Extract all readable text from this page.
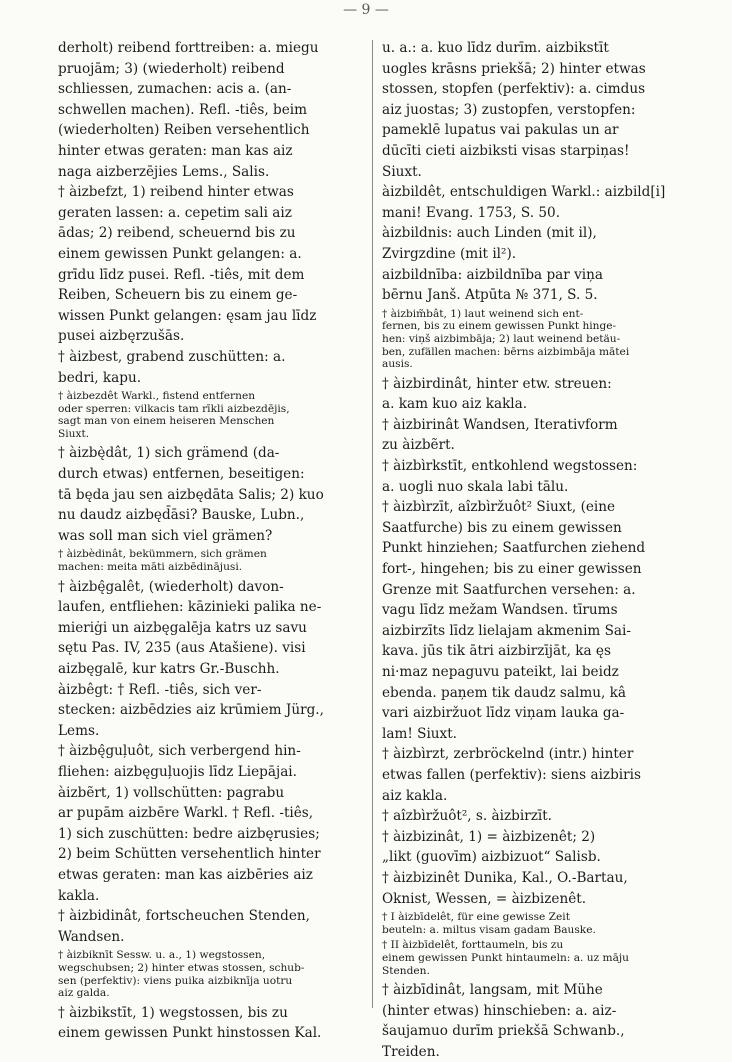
— 9 —

derholt) reibend forttreiben: a. miegu
pruojām; 3) (wiederholt) reibend
schliessen, zumachen: acis a. (an-
schwellen machen). Refl. -tiês, beim
(wiederholten) Reiben versehentlich
hinter etwas geraten: man kas aiz
naga aizberzējies Lems., Salis.

† àizbefzt, 1) reibend hinter etwas
geraten lassen: a. cepetim sali aiz
ādas; 2) reibend, scheuernd bis zu
einem gewissen Punkt gelangen: a.
grīdu līdz pusei. Refl. -tiês, mit dem
Reiben, Scheuern bis zu einem ge-
wissen Punkt gelangen: ęsam jau līdz
pusei aizbęrzušās.

† àizbest, grabend zuschütten: a.
bedri, kapu.

† àizbezdêt Warkl., fistend entfernen
oder sperren: vilkacis tam rīkli aizbezdējis,
sagt man von einem heiseren Menschen
Siuxt.

† àizbę̀dât, 1) sich grämend (da-
durch etwas) entfernen, beseitigen:
tā będa jau sen aizbędāta Salis; 2) kuo
nu daudz aizbęd̄āsi? Bauske, Lubn.,
was soll man sich viel grämen?

† àizbèdinât, bekümmern, sich grämen
machen: meita māti aizbēdinājusi.

† àizbę̂galêt, (wiederholt) davon-
laufen, entfliehen: kāzinieki palika ne-
mieriġi un aizbęgalēja katrs uz savu
sętu Pas. IV, 235 (aus Atašiene). visi
aizbęgalē, kur katrs Gr.-Buschh.

àizbêgt: † Refl. -tiês, sich ver-
stecken: aizbēdzies aiz krūmiem Jürg.,
Lems.

† àizbę̂guļuôt, sich verbergend hin-
fliehen: aizbęguļuojis līdz Liepājai.

àizbẽrt, 1) vollschütten: pagrabu
ar pupām aizbēre Warkl. † Refl. -tiês,
1) sich zuschütten: bedre aizbęrusies;
2) beim Schütten versehentlich hinter
etwas geraten: man kas aizbēries aiz
kakla.

† àizbidinât, fortscheuchen Stenden,
Wandsen.

† àizbiknīt Sessw. u. a., 1) wegstossen,
wegschubsen; 2) hinter etwas stossen, schub-
sen (perfektiv): viens puika aizbiknīja uotru
aiz galda.

† àizbikstīt, 1) wegstossen, bis zu
einem gewissen Punkt hinstossen Kal.

u. a.: a. kuo līdz durīm. aizbikstīt
uogles krāsns priekšā; 2) hinter etwas
stossen, stopfen (perfektiv): a. cimdus
aiz juostas; 3) zustopfen, verstopfen:
pamеklē lupatus vai pakulas un ar
dūcīti cieti aizbiksti visas starpiņas!
Siuxt.

àizbildêt, entschuldigen Warkl.: aizbild[i]
mani! Evang. 1753, S. 50.

àizbildnis: auch Linden (mit il),
Zvirgzdine (mit il²).

aizbildnība: aizbildnība par viņa
bērnu Janš. Atpūta № 371, S. 5.

† àizbim̃bât, 1) laut weinend sich ent-
fernen, bis zu einem gewissen Punkt hinge-
hen: viņš aizbimbāja; 2) laut weinend betäu-
ben, zufällen machen: bērns aizbimbāja mātei
ausis.

† àizbirdinât, hinter etw. streuen:
a. kam kuo aiz kakla.

† àizbirinât Wandsen, Iterativform
zu àizbẽrt.

† àizbìrkstīt, entkohlend wegstossen:
a. uogli nuo skala labi tālu.

† àizbìrzīt, aîzbìržuôt² Siuxt, (eine
Saatfurche) bis zu einem gewissen
Punkt hinziehen; Saatfurchen ziehend
fort-, hingehen; bis zu einer gewissen
Grenze mit Saatfurchen versehen: a.
vagu līdz mežam Wandsen. tīrums
aizbirzīts līdz lielajam akmenim Sai-
kava. jūs tik ātri aizbirzījāt, ka ęs
ni·maz nepaguvu pateikt, lai beidz
ebenda. paņem tik daudz salmu, kâ
vari aizbiržuot līdz viņam lauka ga-
lam! Siuxt.

† àizbìrzt, zerbröckelnd (intr.) hinter
etwas fallen (perfektiv): siens aizbiris
aiz kakla.

† aîzbìržuôt², s. àizbirzīt.

† àizbizinât, 1) = àizbizenêt; 2)
„likt (guovīm) aizbizuot“ Salisb.

† àizbizinêt Dunika, Kal., O.-Bartau,
Oknist, Wessen, = àizbizenêt.

† I àizbīdelêt, für eine gewisse Zeit
beuteln: a. miltus visam gadam Bauske.

† II àizbīdelêt, forttaumeln, bis zu
einem gewissen Punkt hintaumeln: a. uz māju
Stenden.

† àizbīdinât, langsam, mit Mühe
(hinter etwas) hinschieben: a. aiz-
šaujamuo durīm priekšā Schwanb.,
Treiden.
